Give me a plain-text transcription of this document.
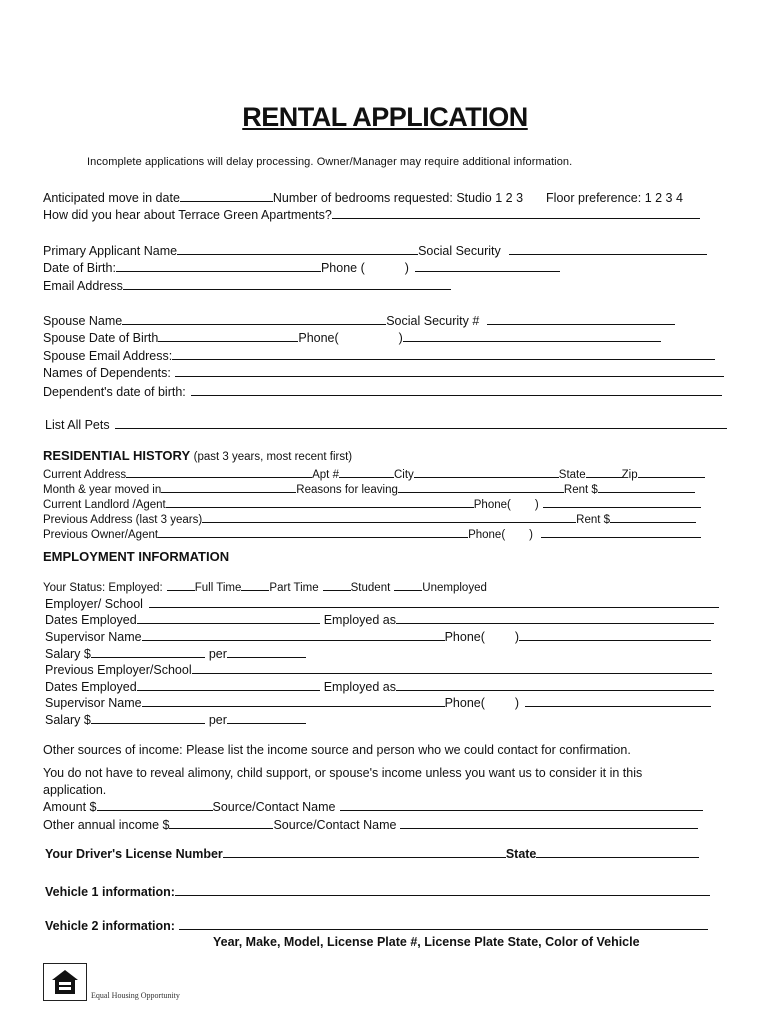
RENTAL APPLICATION
Incomplete applications will delay processing. Owner/Manager may require additional information.
Anticipated move in date	Number of bedrooms requested: Studio 1 2 3 Floor preference: 1 2 3 4
How did you hear about Terrace Green Apartments?
Primary Applicant Name	Social Security
Date of Birth:	Phone (	)
Email Address
Spouse Name	Social Security #
Spouse Date of Birth	Phone(	)
Spouse Email Address:
Names of Dependents:
Dependent's date of birth:
List All Pets
RESIDENTIAL HISTORY (past 3 years, most recent first)
Current Address	Apt #	City	State	Zip
Month & year moved in	Reasons for leaving	Rent $
Current Landlord /Agent	Phone( )
Previous Address (last 3 years)	Rent $
Previous Owner/Agent	Phone( )
EMPLOYMENT INFORMATION
Your Status: Employed:	Full Time Part Time	Student	Unemployed
Employer/ School
Dates Employed	Employed as
Supervisor Name	Phone( )
Salary $	per
Previous Employer/School
Dates Employed	Employed as
Supervisor Name	Phone( )
Salary $	per
Other sources of income: Please list the income source and person who we could contact for confirmation.
You do not have to reveal alimony, child support, or spouse's income unless you want us to consider it in this
application.
Amount $	Source/Contact Name
Other annual income $	Source/Contact Name
Your Driver's License Number	State
Vehicle 1 information:
Vehicle 2 information:
Year, Make, Model, License Plate #, License Plate State, Color of Vehicle
Equal Housing Opportunity
